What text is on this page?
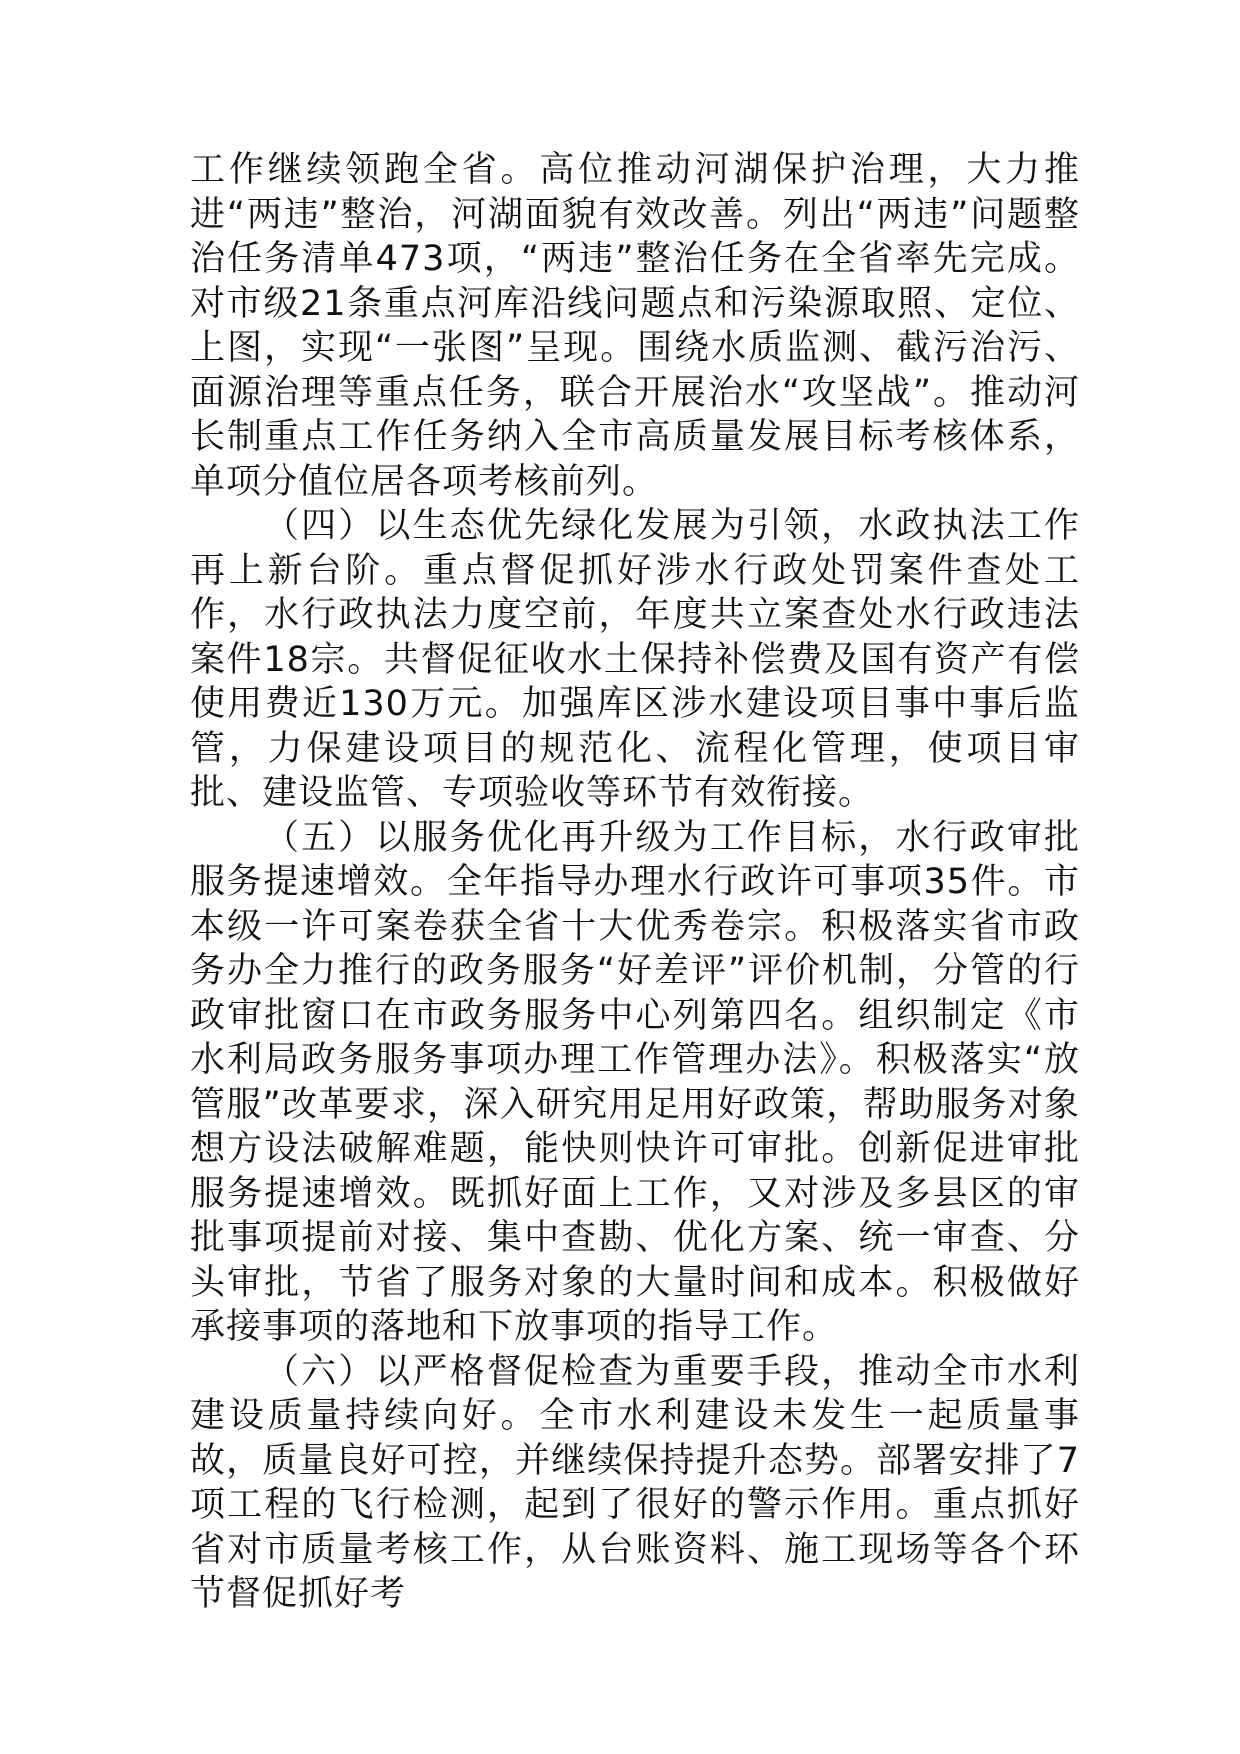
工作继续领跑全省。高位推动河湖保护治理，大力推进“两违”整治，河湖面貌有效改善。列出“两违”问题整治任务清单473项，“两违”整治任务在全省率先完成。对市级21条重点河库沿线问题点和污染源取照、定位、上图，实现“一张图”呈现。围绕水质监测、截污治污、面源治理等重点任务，联合开展治水“攻坚战”。推动河长制重点工作任务纳入全市高质量发展目标考核体系，单项分值位居各项考核前列。

（四）以生态优先绿化发展为引领，水政执法工作再上新台阶。重点督促抓好涉水行政处罚案件查处工作，水行政执法力度空前，年度共立案查处水行政违法案件18宗。共督促征收水土保持补偿费及国有资产有偿使用费近130万元。加强库区涉水建设项目事中事后监管，力保建设项目的规范化、流程化管理，使项目审批、建设监管、专项验收等环节有效衔接。

（五）以服务优化再升级为工作目标，水行政审批服务提速增效。全年指导办理水行政许可事项35件。市本级一许可案卷获全省十大优秀卷宗。积极落实省市政务办全力推行的政务服务“好差评”评价机制，分管的行政审批窗口在市政务服务中心列第四名。组织制定《市水利局政务服务事项办理工作管理办法》。积极落实“放管服”改革要求，深入研究用足用好政策，帮助服务对象想方设法破解难题，能快则快许可审批。创新促进审批服务提速增效。既抓好面上工作，又对涉及多县区的审批事项提前对接、集中查勘、优化方案、统一审查、分头审批，节省了服务对象的大量时间和成本。积极做好承接事项的落地和下放事项的指导工作。

（六）以严格督促检查为重要手段，推动全市水利建设质量持续向好。全市水利建设未发生一起质量事故，质量良好可控，并继续保持提升态势。部署安排了7项工程的飞行检测，起到了很好的警示作用。重点抓好省对市质量考核工作，从台账资料、施工现场等各个环节督促抓好考
